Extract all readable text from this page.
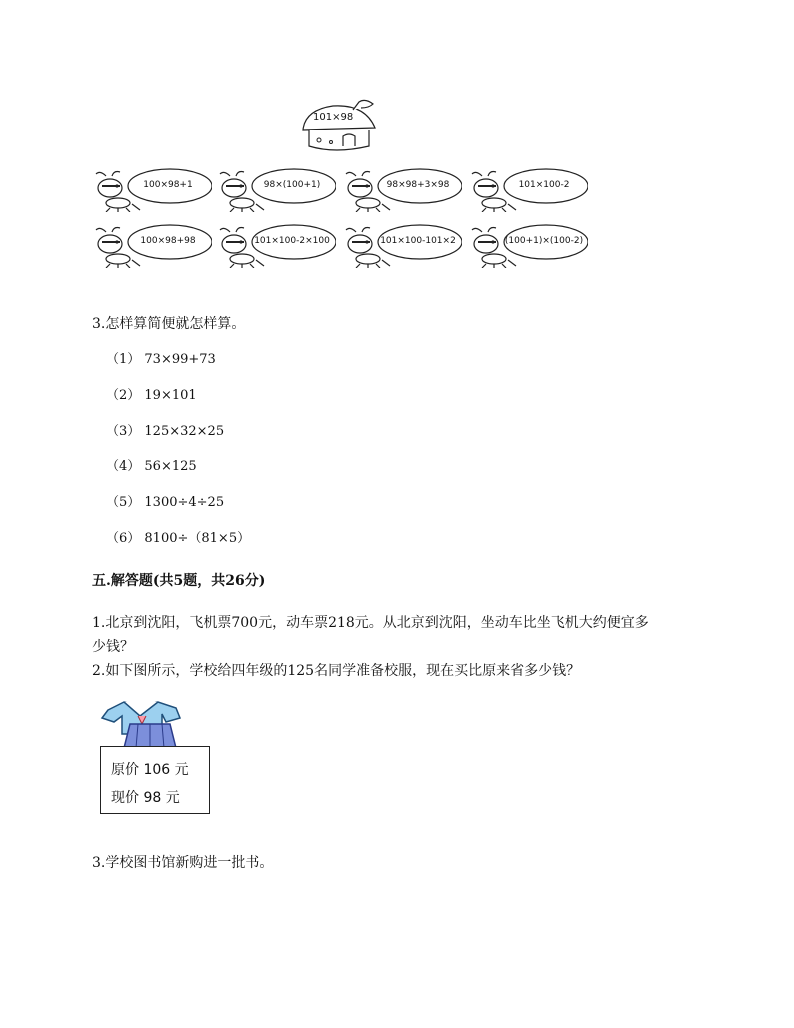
101×98
100×98+1	98×(100+1)	98×98+3×98	101×100-2
100×98+98	101×100-2×100	101×100-101×2	(100+1)×(100-2)
3.怎样算简便就怎样算。
（1） 73×99+73
（2） 19×101
（3） 125×32×25
（4） 56×125
（5） 1300÷4÷25
（6） 8100÷（81×5）
五.解答题(共5题，共26分)
1.北京到沈阳，飞机票700元，动车票218元。从北京到沈阳，坐动车比坐飞机大约便宜多
少钱？
2.如下图所示，学校给四年级的125名同学准备校服，现在买比原来省多少钱？
原价 106 元
现价 98 元
3.学校图书馆新购进一批书。
